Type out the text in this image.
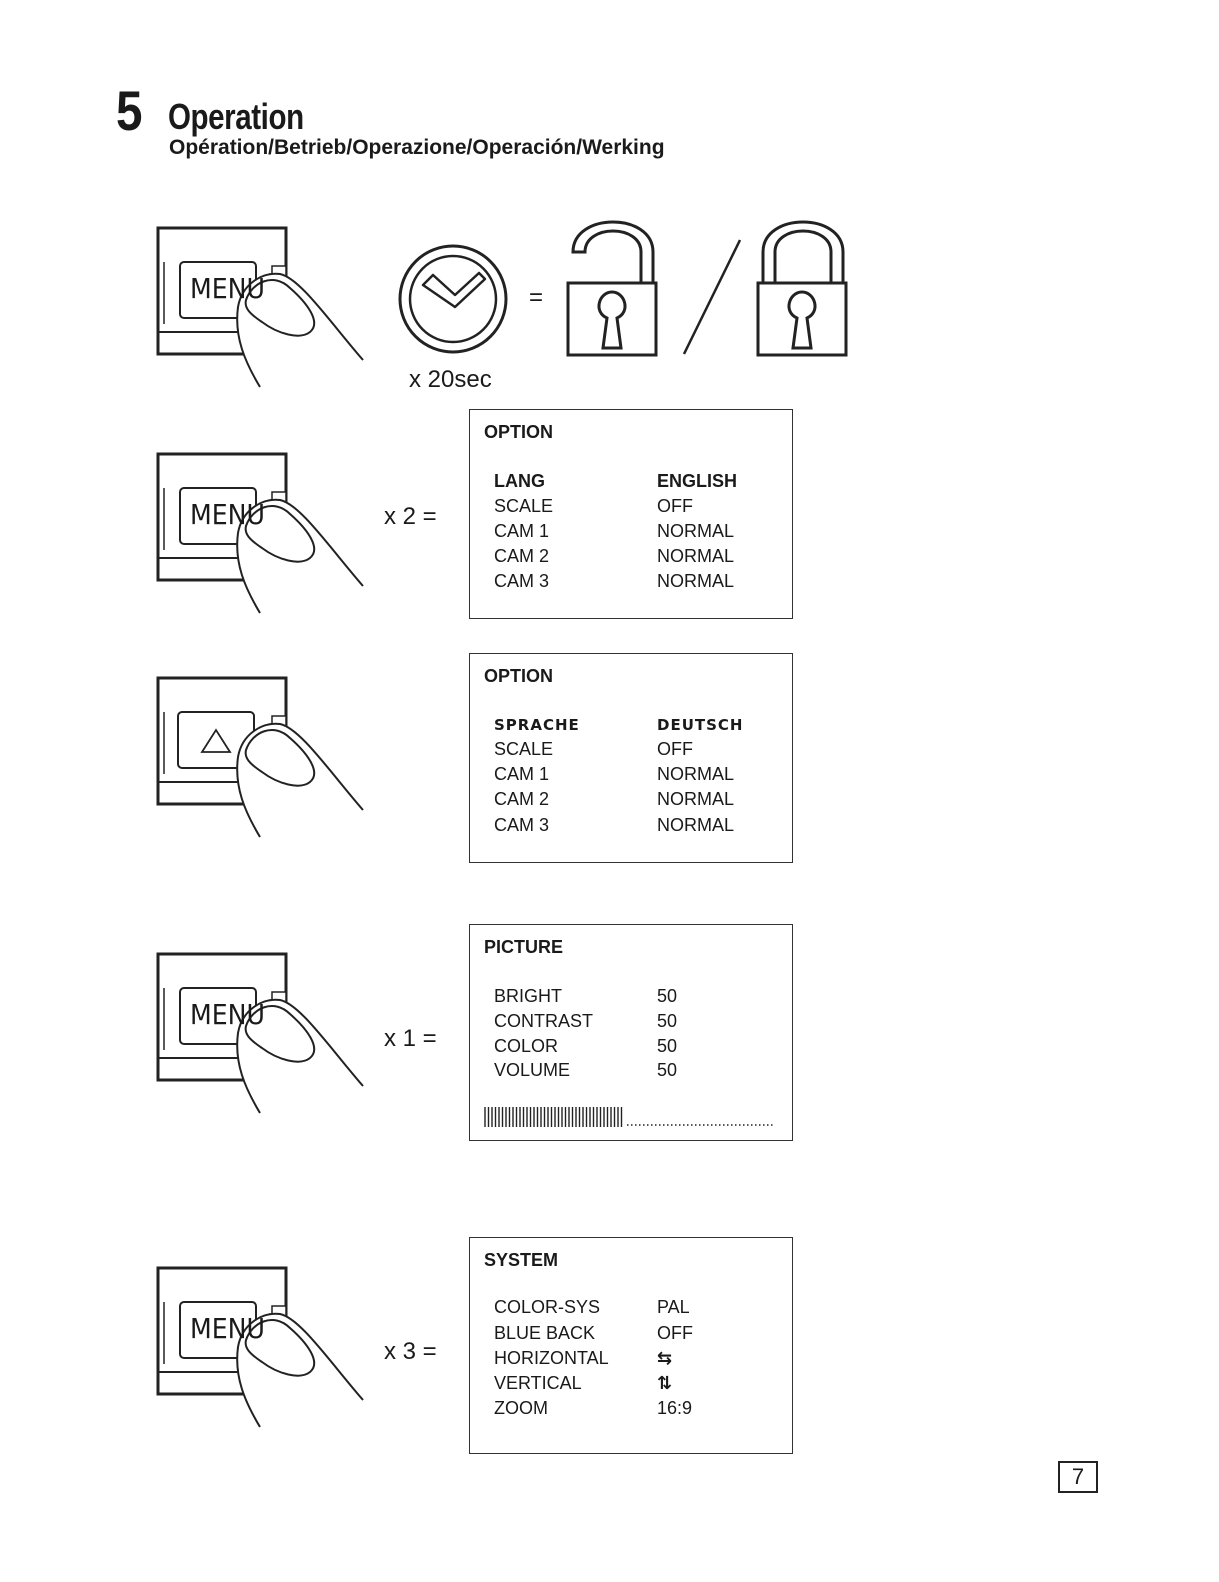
5 Operation
Opération/Betrieb/Operazione/Operación/Werking
MENU	=
x 20sec
MENU	x 2 =
OPTION
LANG	ENGLISH
SCALE	OFF
CAM 1	NORMAL
CAM 2	NORMAL
CAM 3	NORMAL
OPTION
SPRACHE	DEUTSCH
SCALE	OFF
CAM 1	NORMAL
CAM 2	NORMAL
CAM 3	NORMAL
MENU
x 1 =
PICTURE
BRIGHT	50
CONTRAST	50
COLOR	50
VOLUME	50
MENU
x 3 =
SYSTEM
COLOR-SYS	PAL
BLUE BACK	OFF
HORIZONTAL	⇆
VERTICAL	⇅
ZOOM	16:9
7
